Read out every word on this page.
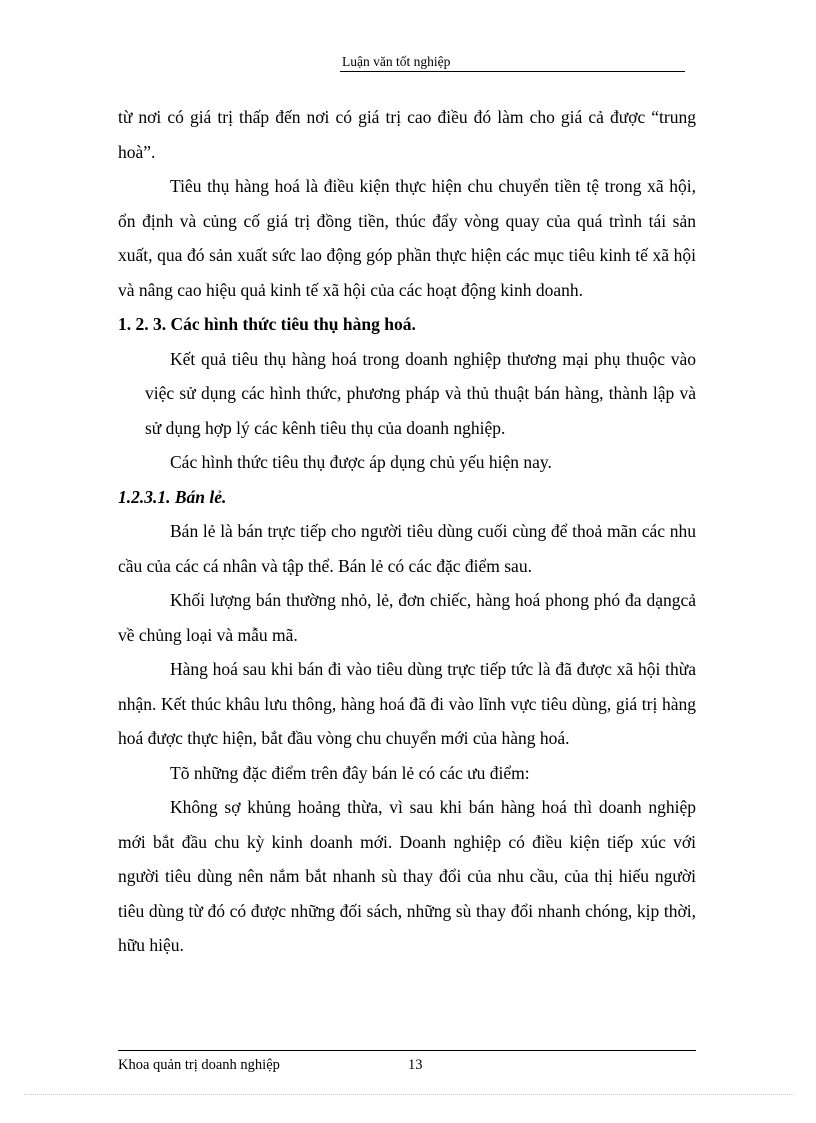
Luận văn tốt nghiệp

từ nơi có giá trị thấp đến nơi có giá trị cao điều đó làm cho giá cả được “trung hoà”.

Tiêu thụ hàng hoá là điều kiện thực hiện chu chuyển tiền tệ trong xã hội, ổn định và củng cố giá trị đồng tiền, thúc đẩy vòng quay của quá trình tái sản xuất, qua đó sản xuất sức lao động góp phần thực hiện các mục tiêu kinh tế xã hội và nâng cao hiệu quả kinh tế xã hội của các hoạt động kinh doanh.

1. 2. 3. Các hình thức tiêu thụ hàng hoá.

Kết quả tiêu thụ hàng hoá trong doanh nghiệp thương mại phụ thuộc vào việc sử dụng các hình thức, phương pháp và thủ thuật bán hàng, thành lập và sử dụng hợp lý các kênh tiêu thụ của doanh nghiệp.

Các hình thức tiêu thụ được áp dụng chủ yếu hiện nay.

1.2.3.1. Bán lẻ.

Bán lẻ là bán trực tiếp cho người tiêu dùng cuối cùng để thoả mãn các nhu cầu của các cá nhân và tập thể. Bán lẻ có các đặc điểm sau.

Khối lượng bán thường nhỏ, lẻ, đơn chiếc, hàng hoá phong phó đa dạngcả về chủng loại và mẫu mã.

Hàng hoá sau khi bán đi vào tiêu dùng trực tiếp tức là đã được xã hội thừa nhận. Kết thúc khâu lưu thông, hàng hoá đã đi vào lĩnh vực tiêu dùng, giá trị hàng hoá được thực hiện, bắt đầu vòng chu chuyển mới của hàng hoá.

Tõ những đặc điểm trên đây bán lẻ có các ưu điểm:

Không sợ khủng hoảng thừa, vì sau khi bán hàng hoá thì doanh nghiệp mới bắt đầu chu kỳ kinh doanh mới. Doanh nghiệp có điều kiện tiếp xúc với người tiêu dùng nên nắm bắt nhanh sù thay đổi của nhu cầu, của thị hiếu người tiêu dùng từ đó có được những đối sách, những sù thay đổi nhanh chóng, kịp thời, hữu hiệu.

Khoa quản trị doanh nghiệp	13
